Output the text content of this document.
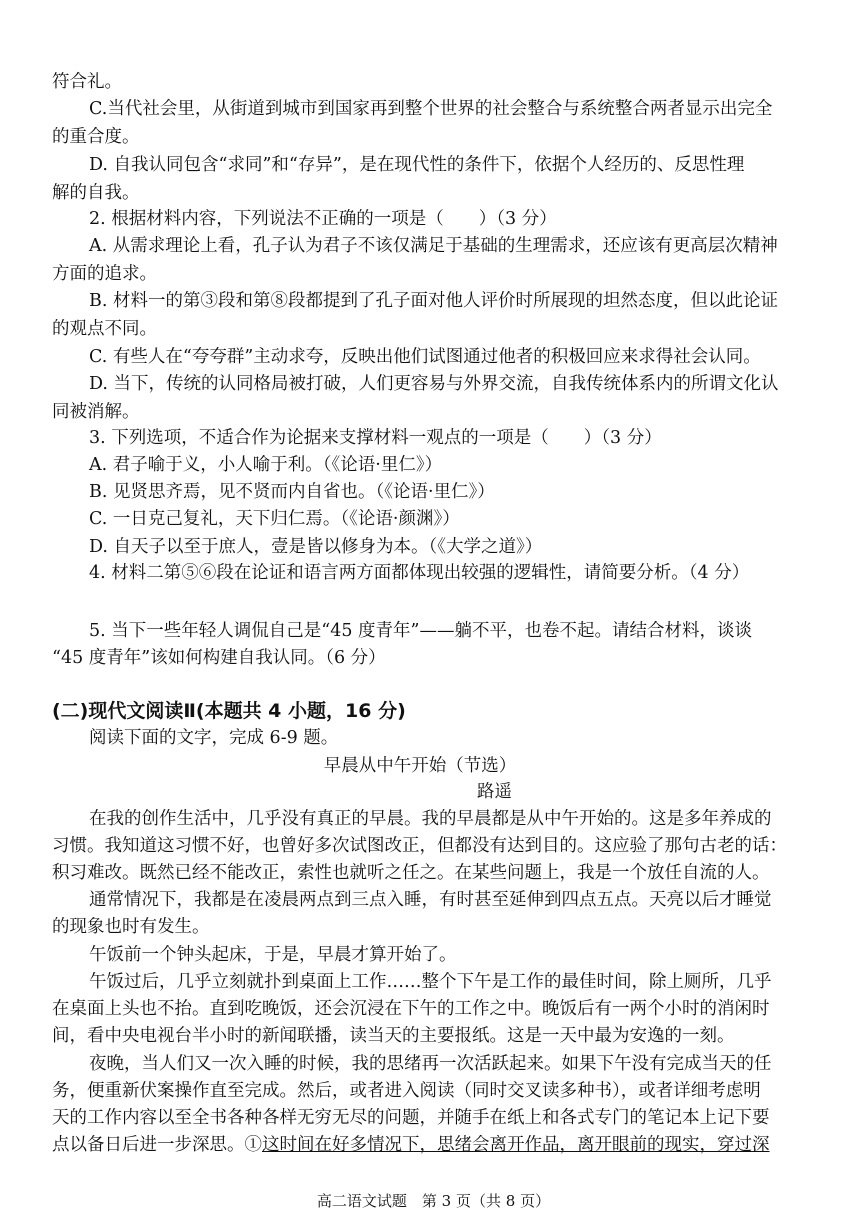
符合礼。
C.当代社会里，从街道到城市到国家再到整个世界的社会整合与系统整合两者显示出完全
的重合度。
D. 自我认同包含“求同”和“存异”，是在现代性的条件下，依据个人经历的、反思性理
解的自我。
2. 根据材料内容，下列说法不正确的一项是（　　）（3 分）
A. 从需求理论上看，孔子认为君子不该仅满足于基础的生理需求，还应该有更高层次精神
方面的追求。
B. 材料一的第③段和第⑧段都提到了孔子面对他人评价时所展现的坦然态度，但以此论证
的观点不同。
C. 有些人在“夸夸群”主动求夸，反映出他们试图通过他者的积极回应来求得社会认同。
D. 当下，传统的认同格局被打破，人们更容易与外界交流，自我传统体系内的所谓文化认
同被消解。
3. 下列选项，不适合作为论据来支撑材料一观点的一项是（　　）（3 分）
A. 君子喻于义，小人喻于利。（《论语·里仁》）
B. 见贤思齐焉，见不贤而内自省也。（《论语·里仁》）
C. 一日克己复礼，天下归仁焉。（《论语·颜渊》）
D. 自天子以至于庶人，壹是皆以修身为本。（《大学之道》）
4. 材料二第⑤⑥段在论证和语言两方面都体现出较强的逻辑性，请简要分析。（4 分）
5. 当下一些年轻人调侃自己是“45 度青年”——躺不平，也卷不起。请结合材料，谈谈
“45 度青年”该如何构建自我认同。（6 分）
(二)现代文阅读Ⅱ(本题共 4 小题，16 分)
阅读下面的文字，完成 6-9 题。
早晨从中午开始（节选）
路遥
在我的创作生活中，几乎没有真正的早晨。我的早晨都是从中午开始的。这是多年养成的
习惯。我知道这习惯不好，也曾好多次试图改正，但都没有达到目的。这应验了那句古老的话：
积习难改。既然已经不能改正，索性也就听之任之。在某些问题上，我是一个放任自流的人。
通常情况下，我都是在凌晨两点到三点入睡，有时甚至延伸到四点五点。天亮以后才睡觉
的现象也时有发生。
午饭前一个钟头起床，于是，早晨才算开始了。
午饭过后，几乎立刻就扑到桌面上工作……整个下午是工作的最佳时间，除上厕所，几乎
在桌面上头也不抬。直到吃晚饭，还会沉浸在下午的工作之中。晚饭后有一两个小时的消闲时
间，看中央电视台半小时的新闻联播，读当天的主要报纸。这是一天中最为安逸的一刻。
夜晚，当人们又一次入睡的时候，我的思绪再一次活跃起来。如果下午没有完成当天的任
务，便重新伏案操作直至完成。然后，或者进入阅读（同时交叉读多种书），或者详细考虑明
天的工作内容以至全书各种各样无穷无尽的问题，并随手在纸上和各式专门的笔记本上记下要
点以备日后进一步深思。①这时间在好多情况下，思绪会离开作品，离开眼前的现实，穿过深
高二语文试题　第 3 页（共 8 页）
